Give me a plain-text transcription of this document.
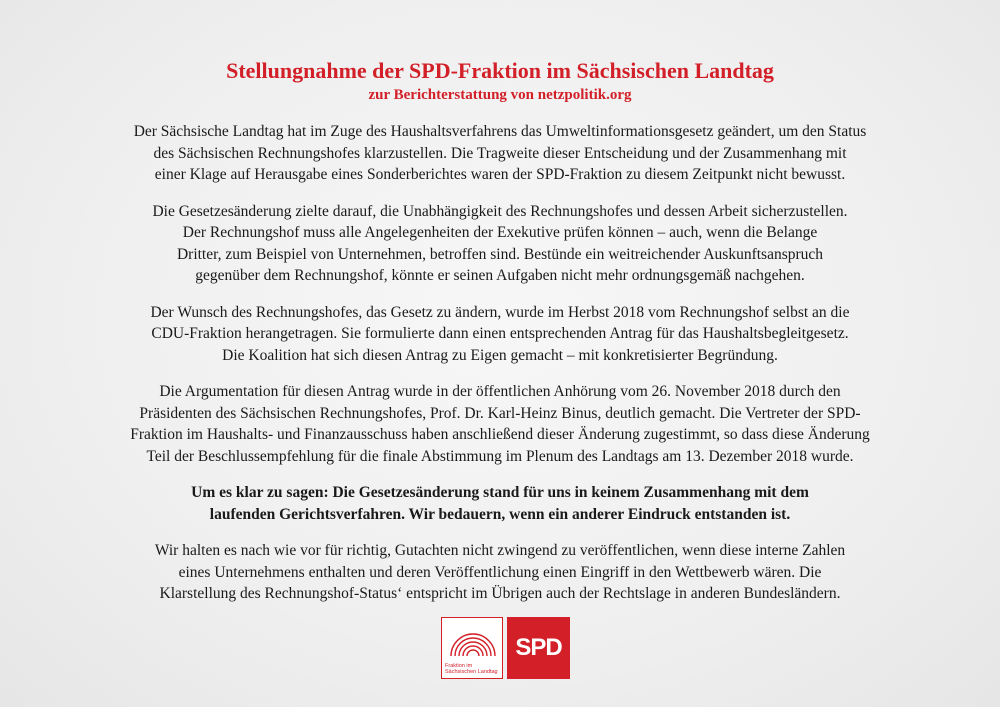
Stellungnahme der SPD-Fraktion im Sächsischen Landtag
zur Berichterstattung von netzpolitik.org

Der Sächsische Landtag hat im Zuge des Haushaltsverfahrens das Umweltinformationsgesetz geändert, um den Status
des Sächsischen Rechnungshofes klarzustellen. Die Tragweite dieser Entscheidung und der Zusammenhang mit
einer Klage auf Herausgabe eines Sonderberichtes waren der SPD-Fraktion zu diesem Zeitpunkt nicht bewusst.

Die Gesetzesänderung zielte darauf, die Unabhängigkeit des Rechnungshofes und dessen Arbeit sicherzustellen.
Der Rechnungshof muss alle Angelegenheiten der Exekutive prüfen können – auch, wenn die Belange
Dritter, zum Beispiel von Unternehmen, betroffen sind. Bestünde ein weitreichender Auskunftsanspruch
gegenüber dem Rechnungshof, könnte er seinen Aufgaben nicht mehr ordnungsgemäß nachgehen.

Der Wunsch des Rechnungshofes, das Gesetz zu ändern, wurde im Herbst 2018 vom Rechnungshof selbst an die
CDU-Fraktion herangetragen. Sie formulierte dann einen entsprechenden Antrag für das Haushaltsbegleitgesetz.
Die Koalition hat sich diesen Antrag zu Eigen gemacht – mit konkretisierter Begründung.

Die Argumentation für diesen Antrag wurde in der öffentlichen Anhörung vom 26. November 2018 durch den
Präsidenten des Sächsischen Rechnungshofes, Prof. Dr. Karl-Heinz Binus, deutlich gemacht. Die Vertreter der SPD-
Fraktion im Haushalts- und Finanzausschuss haben anschließend dieser Änderung zugestimmt, so dass diese Änderung
Teil der Beschlussempfehlung für die finale Abstimmung im Plenum des Landtags am 13. Dezember 2018 wurde.

Um es klar zu sagen: Die Gesetzesänderung stand für uns in keinem Zusammenhang mit dem
laufenden Gerichtsverfahren. Wir bedauern, wenn ein anderer Eindruck entstanden ist.

Wir halten es nach wie vor für richtig, Gutachten nicht zwingend zu veröffentlichen, wenn diese interne Zahlen
eines Unternehmens enthalten und deren Veröffentlichung einen Eingriff in den Wettbewerb wären. Die
Klarstellung des Rechnungshof-Status‘ entspricht im Übrigen auch der Rechtslage in anderen Bundesländern.

Fraktion im
Sächsischen Landtag
SPD
